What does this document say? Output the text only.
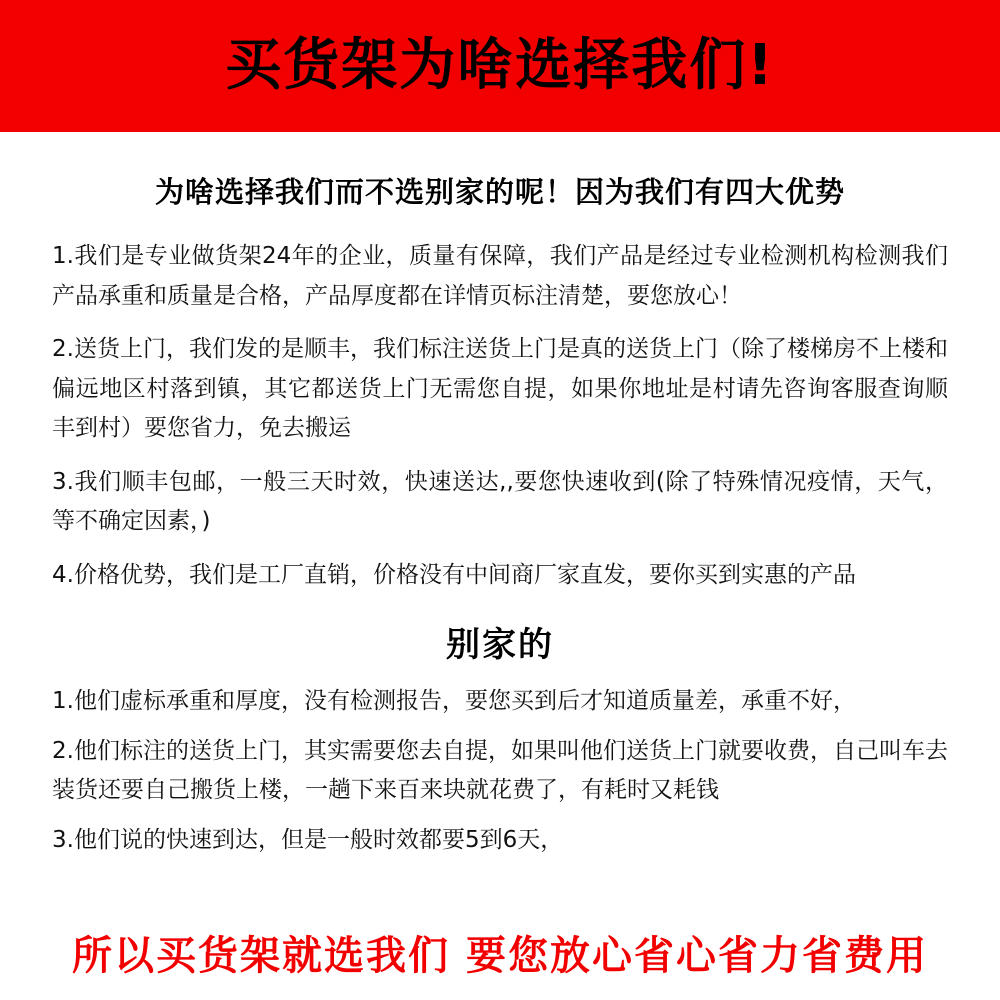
买货架为啥选择我们!
为啥选择我们而不选别家的呢！因为我们有四大优势

1.我们是专业做货架24年的企业，质量有保障，我们产品是经过专业检测机构检测我们产品承重和质量是合格，产品厚度都在详情页标注清楚，要您放心！

2.送货上门，我们发的是顺丰，我们标注送货上门是真的送货上门（除了楼梯房不上楼和偏远地区村落到镇，其它都送货上门无需您自提，如果你地址是村请先咨询客服查询顺丰到村）要您省力，免去搬运

3.我们顺丰包邮，一般三天时效，快速送达,,要您快速收到(除了特殊情况疫情，天气，等不确定因素，)

4.价格优势，我们是工厂直销，价格没有中间商厂家直发，要你买到实惠的产品

别家的

1.他们虚标承重和厚度，没有检测报告，要您买到后才知道质量差，承重不好，

2.他们标注的送货上门，其实需要您去自提，如果叫他们送货上门就要收费，自己叫车去装货还要自己搬货上楼，一趟下来百来块就花费了，有耗时又耗钱

3.他们说的快速到达，但是一般时效都要5到6天，

所以买货架就选我们 要您放心省心省力省费用
